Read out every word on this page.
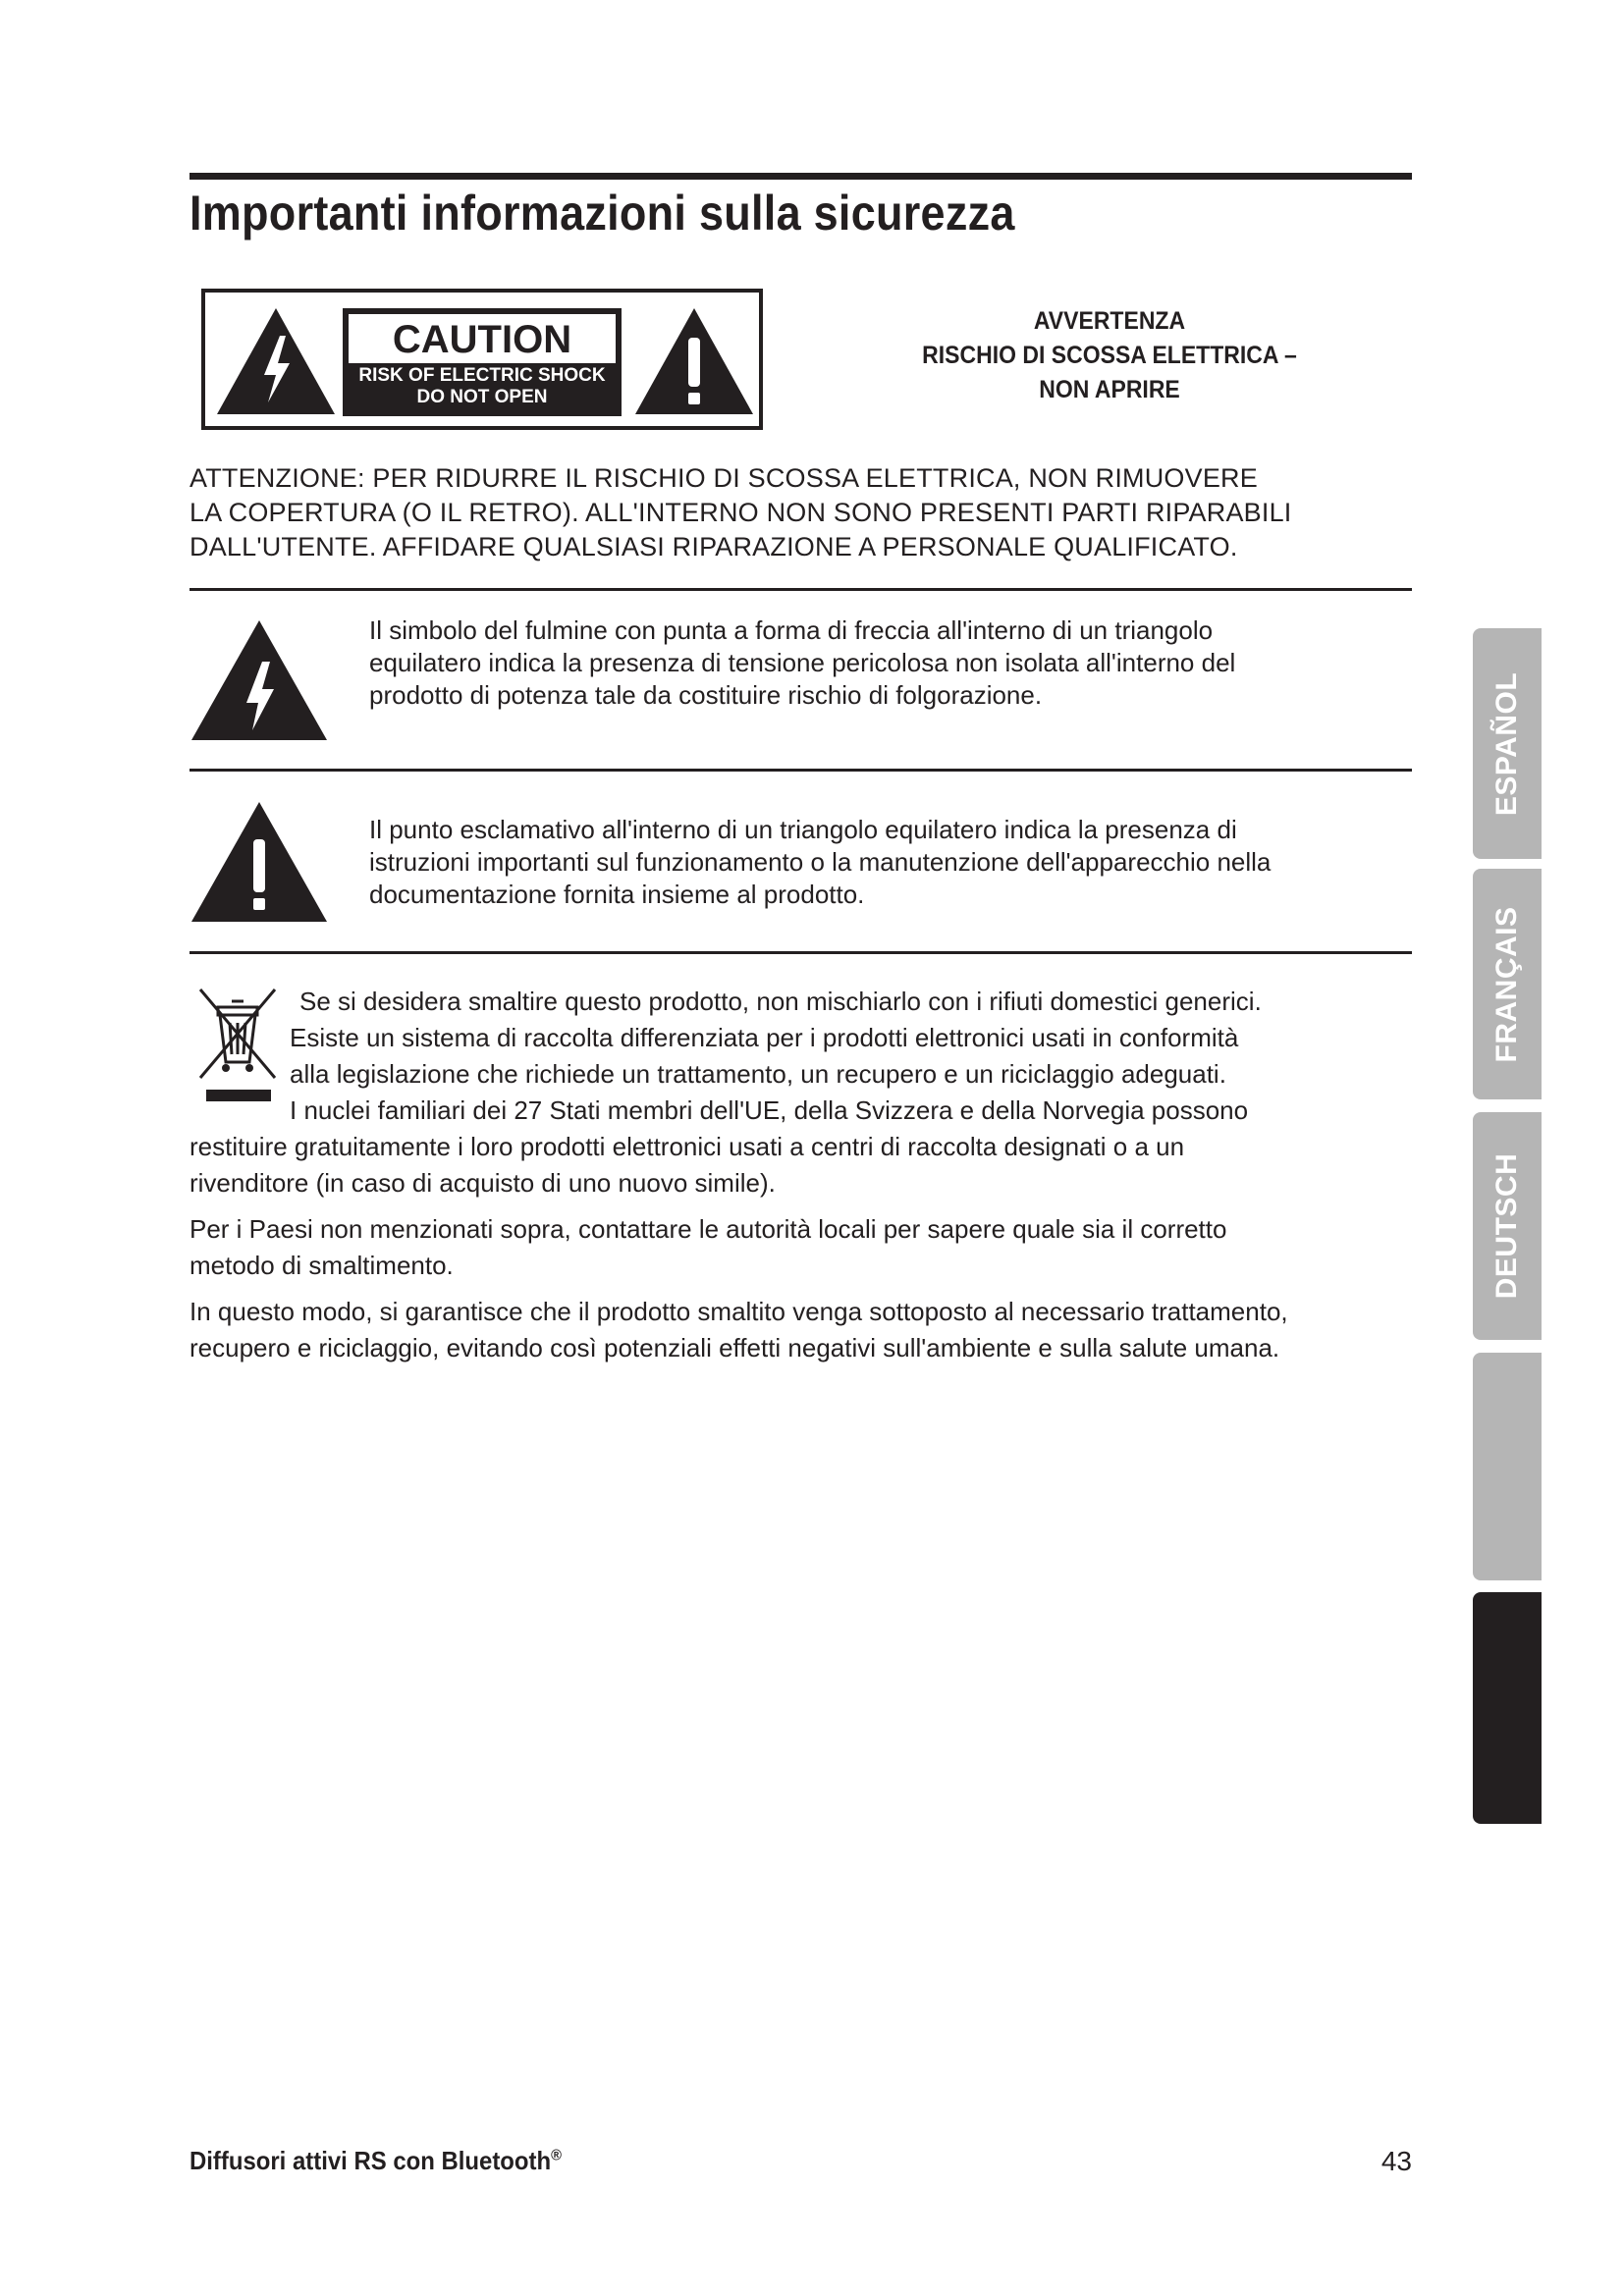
Importanti informazioni sulla sicurezza
CAUTION
RISK OF ELECTRIC SHOCK
DO NOT OPEN
AVVERTENZA
RISCHIO DI SCOSSA ELETTRICA –
NON APRIRE
ATTENZIONE: PER RIDURRE IL RISCHIO DI SCOSSA ELETTRICA, NON RIMUOVERE
LA COPERTURA (O IL RETRO). ALL'INTERNO NON SONO PRESENTI PARTI RIPARABILI
DALL'UTENTE. AFFIDARE QUALSIASI RIPARAZIONE A PERSONALE QUALIFICATO.
Il simbolo del fulmine con punta a forma di freccia all'interno di un triangolo
equilatero indica la presenza di tensione pericolosa non isolata all'interno del
prodotto di potenza tale da costituire rischio di folgorazione.
Il punto esclamativo all'interno di un triangolo equilatero indica la presenza di
istruzioni importanti sul funzionamento o la manutenzione dell'apparecchio nella
documentazione fornita insieme al prodotto.
Se si desidera smaltire questo prodotto, non mischiarlo con i rifiuti domestici generici.
Esiste un sistema di raccolta differenziata per i prodotti elettronici usati in conformità
alla legislazione che richiede un trattamento, un recupero e un riciclaggio adeguati.
I nuclei familiari dei 27 Stati membri dell'UE, della Svizzera e della Norvegia possono
restituire gratuitamente i loro prodotti elettronici usati a centri di raccolta designati o a un
rivenditore (in caso di acquisto di uno nuovo simile).
Per i Paesi non menzionati sopra, contattare le autorità locali per sapere quale sia il corretto
metodo di smaltimento.
In questo modo, si garantisce che il prodotto smaltito venga sottoposto al necessario trattamento,
recupero e riciclaggio, evitando così potenziali effetti negativi sull'ambiente e sulla salute umana.
ESPAÑOL
FRANÇAIS
DEUTSCH
Diffusori attivi RS con Bluetooth®	43
